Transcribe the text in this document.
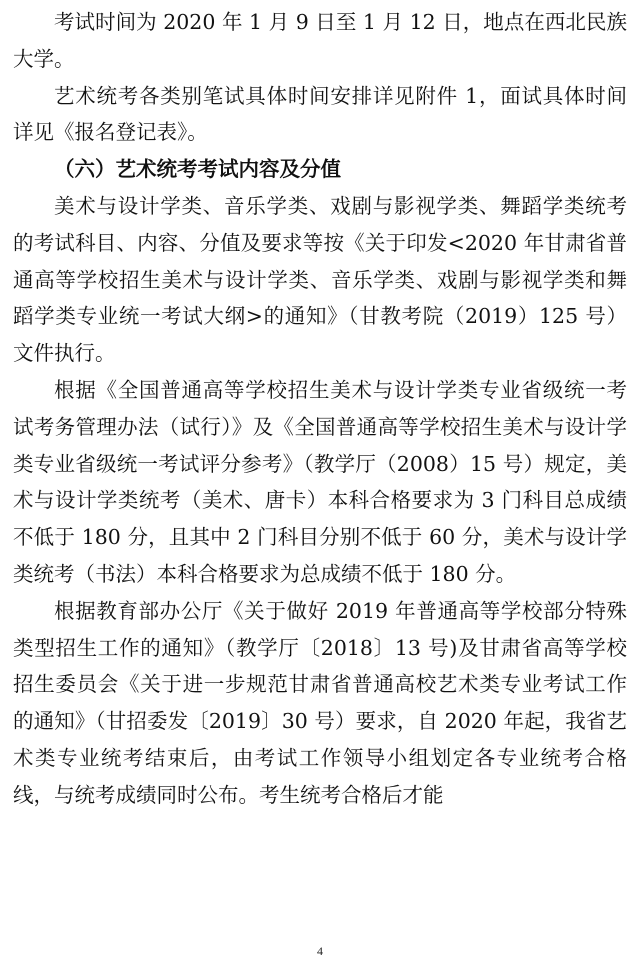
考试时间为 2020 年 1 月 9 日至 1 月 12 日，地点在西北民族大学。

艺术统考各类别笔试具体时间安排详见附件 1，面试具体时间详见《报名登记表》。

（六）艺术统考考试内容及分值

美术与设计学类、音乐学类、戏剧与影视学类、舞蹈学类统考的考试科目、内容、分值及要求等按《关于印发<2020 年甘肃省普通高等学校招生美术与设计学类、音乐学类、戏剧与影视学类和舞蹈学类专业统一考试大纲>的通知》（甘教考院（2019）125 号）文件执行。

根据《全国普通高等学校招生美术与设计学类专业省级统一考试考务管理办法（试行）》及《全国普通高等学校招生美术与设计学类专业省级统一考试评分参考》（教学厅（2008）15 号）规定，美术与设计学类统考（美术、唐卡）本科合格要求为 3 门科目总成绩不低于 180 分，且其中 2 门科目分别不低于 60 分，美术与设计学类统考（书法）本科合格要求为总成绩不低于 180 分。

根据教育部办公厅《关于做好 2019 年普通高等学校部分特殊类型招生工作的通知》（教学厅〔2018〕13 号)及甘肃省高等学校招生委员会《关于进一步规范甘肃省普通高校艺术类专业考试工作的通知》（甘招委发〔2019〕30 号）要求，自 2020 年起，我省艺术类专业统考结束后，由考试工作领导小组划定各专业统考合格线，与统考成绩同时公布。考生统考合格后才能

4
